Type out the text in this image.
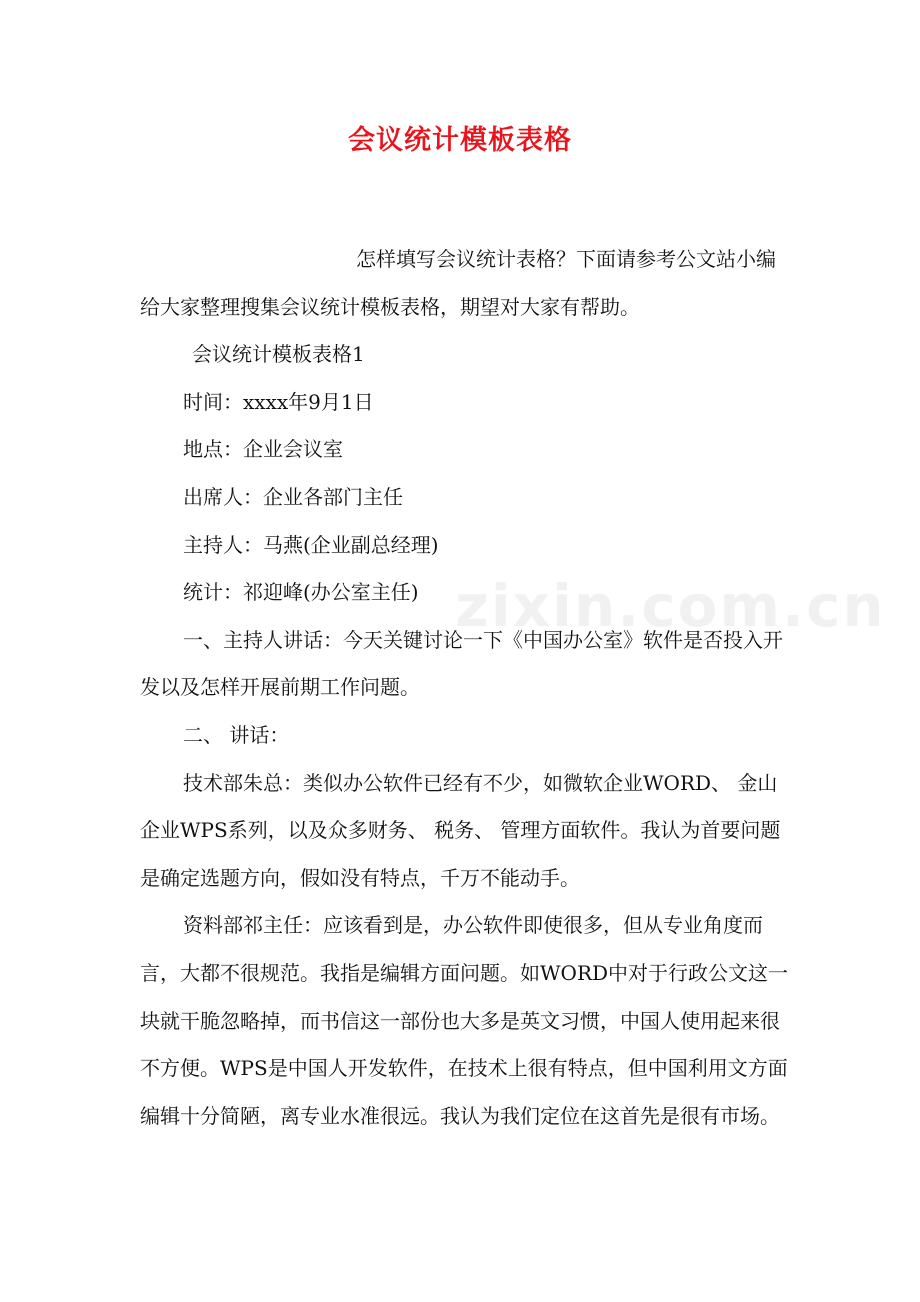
会议统计模板表格
zixin.com.cn

怎样填写会议统计表格？下面请参考公文站小编给大家整理搜集会议统计模板表格，期望对大家有帮助。

会议统计模板表格1

时间：xxxx年9月1日

地点：企业会议室

出席人：企业各部门主任

主持人：马燕(企业副总经理)

统计：祁迎峰(办公室主任)

一、主持人讲话：今天关键讨论一下《中国办公室》软件是否投入开发以及怎样开展前期工作问题。

二、 讲话：

技术部朱总：类似办公软件已经有不少，如微软企业WORD、 金山企业WPS系列，以及众多财务、 税务、 管理方面软件。我认为首要问题是确定选题方向，假如没有特点，千万不能动手。

资料部祁主任：应该看到是，办公软件即使很多，但从专业角度而言，大都不很规范。我指是编辑方面问题。如WORD中对于行政公文这一块就干脆忽略掉，而书信这一部份也大多是英文习惯，中国人使用起来很不方便。WPS是中国人开发软件，在技术上很有特点，但中国利用文方面编辑十分简陋，离专业水准很远。我认为我们定位在这首先是很有市场。
